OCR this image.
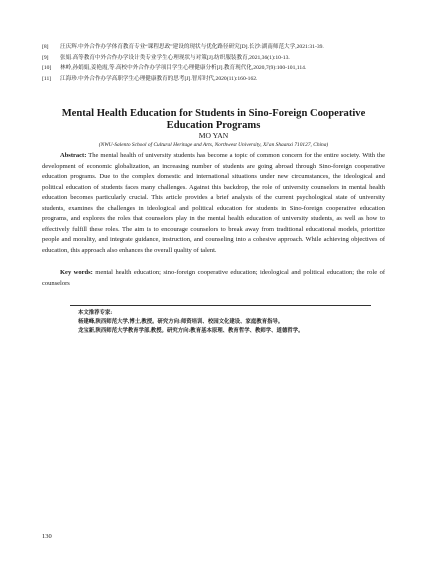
[8]	汪庆辉.中外合作办学体育教育专业“课程思政”建设的现状与优化路径研究[D].长沙:湖南师范大学,2021:31-39.
[9]	张娟.高等教育中外合作办学设计类专业学生心理现状与对策[J].纺织服装教育,2021,36(1):10-13.
[10]	林岭,孙娟娟,姜艳霞,等.高校中外合作办学项目学生心理健康分析[J].教育现代化,2020,7(9):100-101,114.
[11]	江海珍.中外合作办学高职学生心理健康教育的思考[J].智库时代,2020(11):160-162.
Mental Health Education for Students in Sino-Foreign Cooperative Education Programs
MO YAN
(NWU-Salento School of Cultural Heritage and Arts, Northwest University, Xi'an Shaanxi 710127, China)
Abstract: The mental health of university students has become a topic of common concern for the entire society. With the development of economic globalization, an increasing number of students are going abroad through Sino-foreign cooperative education programs. Due to the complex domestic and international situations under new circumstances, the ideological and political education of students faces many challenges. Against this backdrop, the role of university counselors in mental health education becomes particularly crucial. This article provides a brief analysis of the current psychological state of university students, examines the challenges in ideological and political education for students in Sino-foreign cooperative education programs, and explores the roles that counselors play in the mental health education of university students, as well as how to effectively fulfill these roles. The aim is to encourage counselors to break away from traditional educational models, prioritize people and morality, and integrate guidance, instruction, and counseling into a cohesive approach. While achieving objectives of education, this approach also enhances the overall quality of talent.
Key words: mental health education; sino-foreign cooperative education; ideological and political education; the role of counselors
本文推荐专家:
杨建峰,陕西师范大学,博士,教授。研究方向:师资培训、校园文化建设、家庭教育指导。
龙宝新,陕西师范大学教育学部,教授。研究方向:教育基本原理、教育哲学、教师学、道德哲学。
130
